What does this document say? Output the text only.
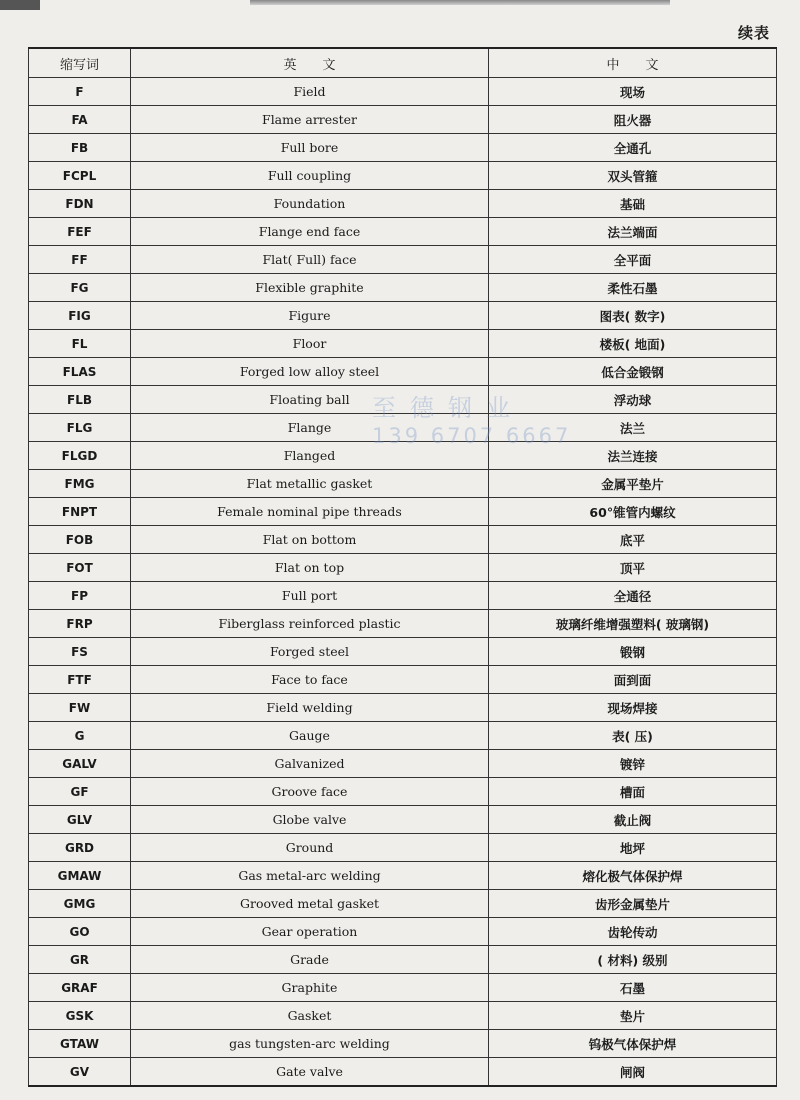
续表
缩写词	英　　文	中　　文
F	Field	现场
FA	Flame arrester	阻火器
FB	Full bore	全通孔
FCPL	Full coupling	双头管箍
FDN	Foundation	基础
FEF	Flange end face	法兰端面
FF	Flat( Full) face	全平面
FG	Flexible graphite	柔性石墨
FIG	Figure	图表( 数字)
FL	Floor	楼板( 地面)
FLAS	Forged low alloy steel	低合金锻钢
FLB	Floating ball	浮动球
FLG	Flange	法兰
FLGD	Flanged	法兰连接
FMG	Flat metallic gasket	金属平垫片
FNPT	Female nominal pipe threads	60°锥管内螺纹
FOB	Flat on bottom	底平
FOT	Flat on top	顶平
FP	Full port	全通径
FRP	Fiberglass reinforced plastic	玻璃纤维增强塑料( 玻璃钢)
FS	Forged steel	锻钢
FTF	Face to face	面到面
FW	Field welding	现场焊接
G	Gauge	表( 压)
GALV	Galvanized	镀锌
GF	Groove face	槽面
GLV	Globe valve	截止阀
GRD	Ground	地坪
GMAW	Gas metal-arc welding	熔化极气体保护焊
GMG	Grooved metal gasket	齿形金属垫片
GO	Gear operation	齿轮传动
GR	Grade	( 材料) 级别
GRAF	Graphite	石墨
GSK	Gasket	垫片
GTAW	gas tungsten-arc welding	钨极气体保护焊
GV	Gate valve	闸阀
至德钢业
139 6707 6667
